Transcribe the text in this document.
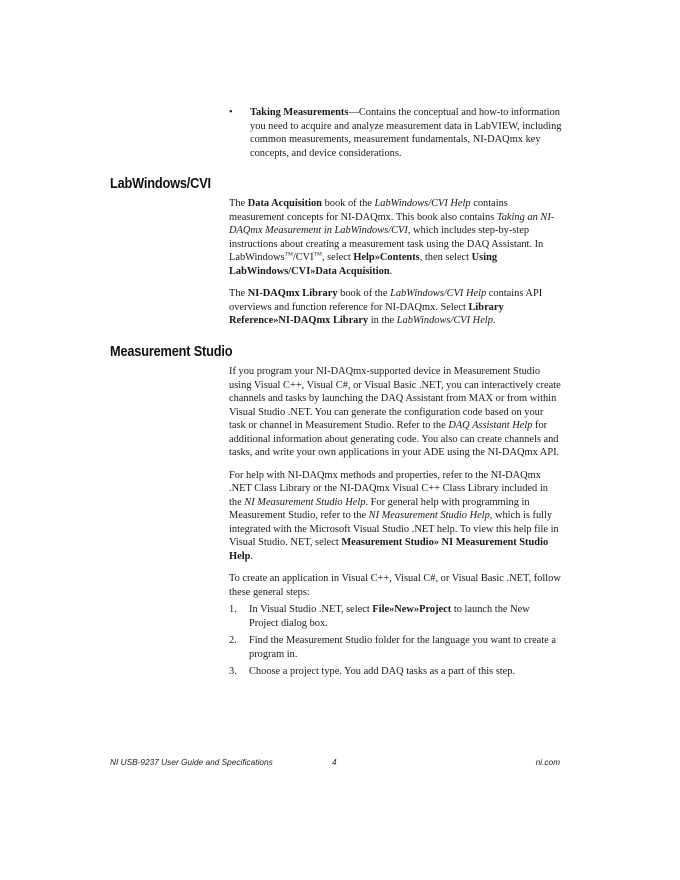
•	Taking Measurements—Contains the conceptual and how-to information you need to acquire and analyze measurement data in LabVIEW, including common measurements, measurement fundamentals, NI-DAQmx key concepts, and device considerations.
LabWindows/CVI

The Data Acquisition book of the LabWindows/CVI Help contains measurement concepts for NI-DAQmx. This book also contains Taking an NI-DAQmx Measurement in LabWindows/CVI, which includes step-by-step instructions about creating a measurement task using the DAQ Assistant. In LabWindows™/CVI™, select Help»Contents, then select Using LabWindows/CVI»Data Acquisition.

The NI-DAQmx Library book of the LabWindows/CVI Help contains API overviews and function reference for NI-DAQmx. Select Library Reference»NI-DAQmx Library in the LabWindows/CVI Help.

Measurement Studio

If you program your NI-DAQmx-supported device in Measurement Studio using Visual C++, Visual C#, or Visual Basic .NET, you can interactively create channels and tasks by launching the DAQ Assistant from MAX or from within Visual Studio .NET. You can generate the configuration code based on your task or channel in Measurement Studio. Refer to the DAQ Assistant Help for additional information about generating code. You also can create channels and tasks, and write your own applications in your ADE using the NI-DAQmx API.

For help with NI-DAQmx methods and properties, refer to the NI-DAQmx .NET Class Library or the NI-DAQmx Visual C++ Class Library included in the NI Measurement Studio Help. For general help with programming in Measurement Studio, refer to the NI Measurement Studio Help, which is fully integrated with the Microsoft Visual Studio .NET help. To view this help file in Visual Studio. NET, select Measurement Studio» NI Measurement Studio Help.

To create an application in Visual C++, Visual C#, or Visual Basic .NET, follow these general steps:

1.	In Visual Studio .NET, select File»New»Project to launch the New Project dialog box.
2.	Find the Measurement Studio folder for the language you want to create a program in.
3.	Choose a project type. You add DAQ tasks as a part of this step.
NI USB-9237 User Guide and Specifications	4	ni.com
